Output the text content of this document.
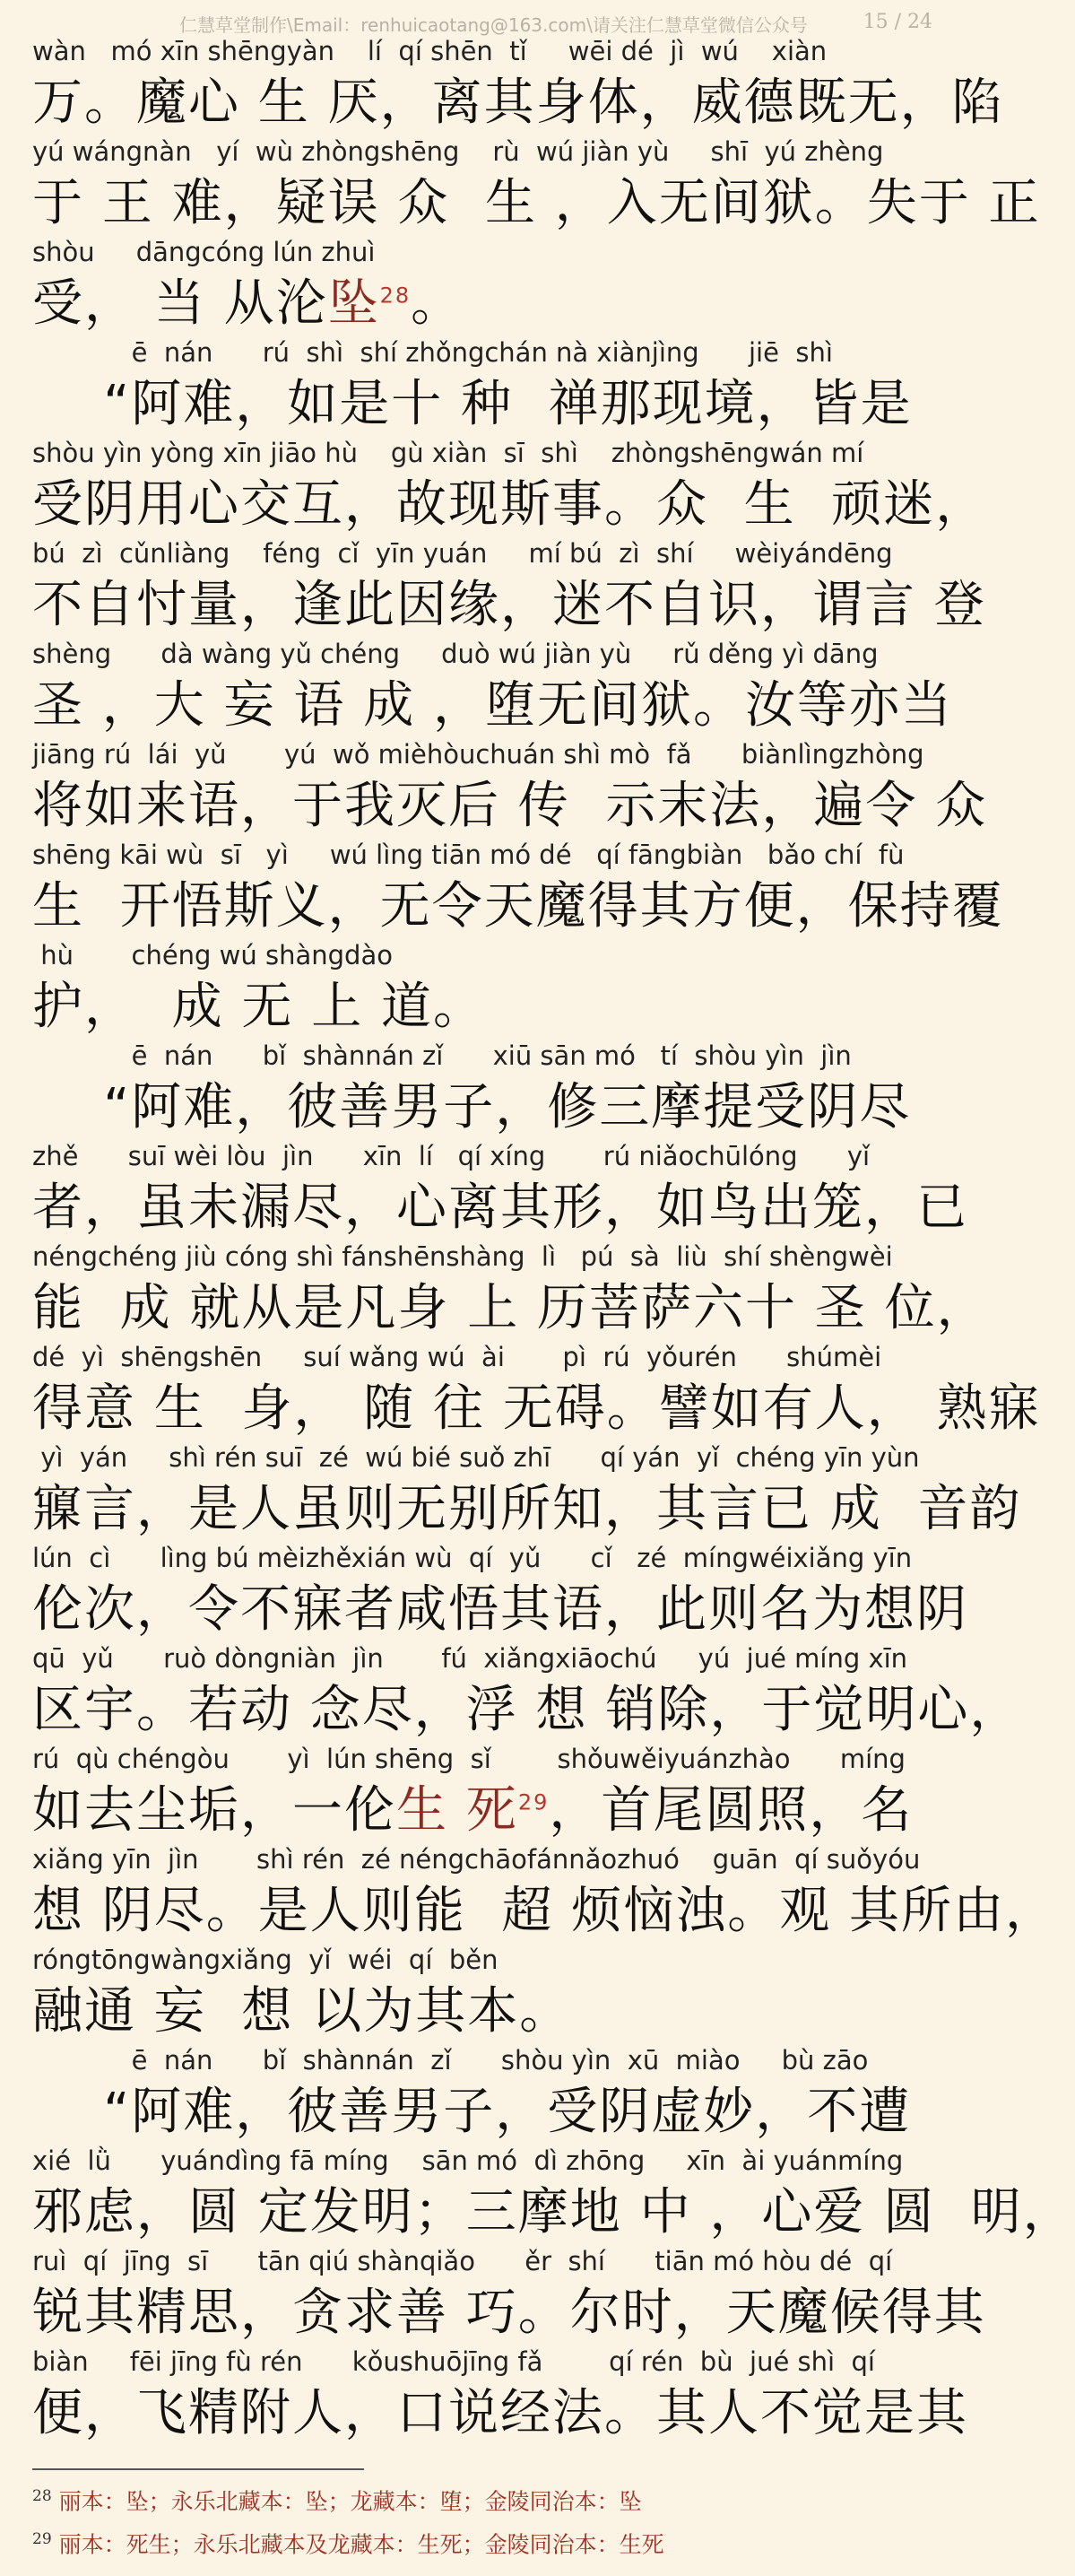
仁慧草堂制作\Email：renhuicaotang@163.com\请关注仁慧草堂微信公众号	15 / 24
wàn   mó xīn shēngyàn    lí  qí shēn  tǐ     wēi dé  jì  wú    xiàn
万。魔心 生 厌，离其身体，威德既无，陷
yú wángnàn   yí  wù zhòngshēng    rù  wú jiàn yù     shī  yú zhèng
于 王 难，疑误 众  生 ，入无间狱。失于 正
shòu     dāngcóng lún zhuì
受， 当 从沦坠$^{28}$。
ē  nán      rú  shì  shí zhǒngchán nà xiànjìng      jiē  shì
“阿难，如是十 种  禅那现境，皆是
shòu yìn yòng xīn jiāo hù    gù xiàn  sī  shì    zhòngshēngwán mí
受阴用心交互，故现斯事。众  生  顽迷，
bú  zì  cǔnliàng    féng  cǐ  yīn yuán     mí bú  zì  shí     wèiyándēng
不自忖量，逢此因缘，迷不自识，谓言 登
shèng      dà wàng yǔ chéng     duò wú jiàn yù     rǔ děng yì dāng
圣 ，大 妄 语 成 ，堕无间狱。汝等亦当
jiāng rú  lái  yǔ       yú  wǒ mièhòuchuán shì mò  fǎ      biànlìngzhòng
将如来语，于我灭后 传  示末法，遍令 众
shēng kāi wù  sī   yì     wú lìng tiān mó dé   qí fāngbiàn   bǎo chí  fù
生  开悟斯义，无令天魔得其方便，保持覆
hù       chéng wú shàngdào
护，  成 无 上 道。
ē  nán      bǐ  shànnán zǐ      xiū sān mó   tí  shòu yìn  jìn
“阿难，彼善男子，修三摩提受阴尽
zhě      suī wèi lòu  jìn      xīn  lí   qí xíng       rú niǎochūlóng      yǐ
者，虽未漏尽，心离其形，如鸟出笼，已
néngchéng jiù cóng shì fánshēnshàng  lì   pú  sà  liù  shí shèngwèi
能  成 就从是凡身 上 历菩萨六十 圣 位，
dé  yì  shēngshēn     suí wǎng wú  ài       pì  rú  yǒurén      shúmèi
得意 生  身， 随 往 无碍。譬如有人， 熟寐
yì  yán     shì rén suī  zé  wú bié suǒ zhī      qí yán  yǐ  chéng yīn yùn
寱言，是人虽则无别所知，其言已 成  音韵
lún  cì      lìng bú mèizhěxián wù  qí  yǔ      cǐ   zé  míngwéixiǎng yīn
伦次，令不寐者咸悟其语，此则名为想阴
qū  yǔ      ruò dòngniàn  jìn       fú  xiǎngxiāochú     yú  jué míng xīn
区宇。若动 念尽，浮 想 销除，于觉明心，
rú  qù chéngòu       yì  lún shēng  sǐ        shǒuwěiyuánzhào      míng
如去尘垢，一伦生 死$^{29}$，首尾圆照，名
xiǎng yīn  jìn       shì rén  zé néngchāofánnǎozhuó    guān  qí suǒyóu
想 阴尽。是人则能  超 烦恼浊。观 其所由，
róngtōngwàngxiǎng  yǐ  wéi  qí  běn
融通 妄  想 以为其本。
ē  nán      bǐ  shànnán  zǐ      shòu yìn  xū  miào     bù zāo
“阿难，彼善男子，受阴虚妙，不遭
xié  lǜ      yuándìng fā míng    sān mó  dì zhōng     xīn  ài yuánmíng
邪虑，圆 定发明；三摩地 中 ，心爱 圆  明，
ruì  qí  jīng  sī      tān qiú shànqiǎo      ěr  shí      tiān mó hòu dé  qí
锐其精思，贪求善 巧。尔时，天魔候得其
biàn     fēi jīng fù rén      kǒushuōjīng fǎ        qí rén  bù  jué shì  qí
便，飞精附人，口说经法。其人不觉是其
$^{28}$ 丽本：坠；永乐北藏本：坠；龙藏本：堕；金陵同治本：坠
$^{29}$ 丽本：死生；永乐北藏本及龙藏本：生死；金陵同治本：生死
